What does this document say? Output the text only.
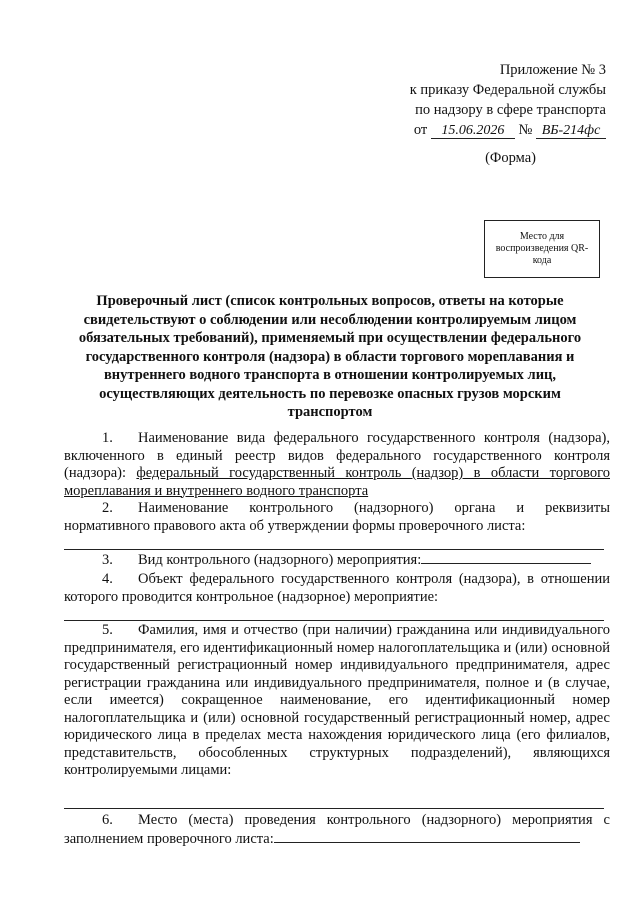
Приложение № 3
к приказу Федеральной службы
по надзору в сфере транспорта
от 15.06.2026 № ВБ-214фс
(Форма)
Место для воспроизведения QR-кода
Проверочный лист (список контрольных вопросов, ответы на которые свидетельствуют о соблюдении или несоблюдении контролируемым лицом обязательных требований), применяемый при осуществлении федерального государственного контроля (надзора) в области торгового мореплавания и внутреннего водного транспорта в отношении контролируемых лиц, осуществляющих деятельность по перевозке опасных грузов морским транспортом

1. Наименование вида федерального государственного контроля (надзора), включенного в единый реестр видов федерального государственного контроля (надзора): федеральный государственный контроль (надзор) в области торгового мореплавания и внутреннего водного транспорта

2. Наименование контрольного (надзорного) органа и реквизиты нормативного правового акта об утверждении формы проверочного листа:

3. Вид контрольного (надзорного) мероприятия:

4. Объект федерального государственного контроля (надзора), в отношении которого проводится контрольное (надзорное) мероприятие:

5. Фамилия, имя и отчество (при наличии) гражданина или индивидуального предпринимателя, его идентификационный номер налогоплательщика и (или) основной государственный регистрационный номер индивидуального предпринимателя, адрес регистрации гражданина или индивидуального предпринимателя, полное и (в случае, если имеется) сокращенное наименование, его идентификационный номер налогоплательщика и (или) основной государственный регистрационный номер, адрес юридического лица в пределах места нахождения юридического лица (его филиалов, представительств, обособленных структурных подразделений), являющихся контролируемыми лицами:

6. Место (места) проведения контрольного (надзорного) мероприятия с заполнением проверочного листа:
